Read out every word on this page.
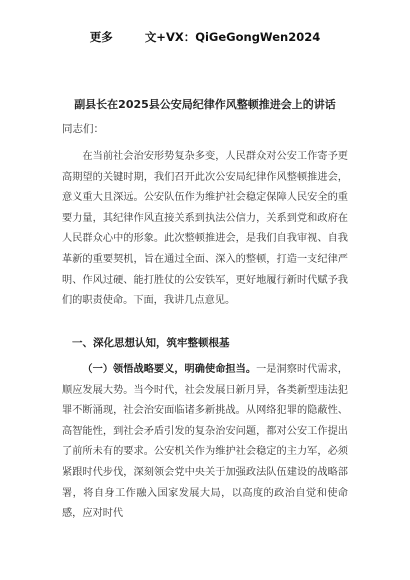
更多	文+VX：QiGeGongWen2024
副县长在2025县公安局纪律作风整顿推进会上的讲话
同志们：
在当前社会治安形势复杂多变，人民群众对公安工作寄予更高期望的关键时期，我们召开此次公安局纪律作风整顿推进会，意义重大且深远。公安队伍作为维护社会稳定保障人民安全的重要力量，其纪律作风直接关系到执法公信力，关系到党和政府在人民群众心中的形象。此次整顿推进会，是我们自我审视、自我革新的重要契机，旨在通过全面、深入的整顿，打造一支纪律严明、作风过硬、能打胜仗的公安铁军，更好地履行新时代赋予我们的职责使命。下面，我讲几点意见。
一、深化思想认知，筑牢整顿根基
（一）领悟战略要义，明确使命担当。一是洞察时代需求，顺应发展大势。当今时代，社会发展日新月异，各类新型违法犯罪不断涌现，社会治安面临诸多新挑战。从网络犯罪的隐蔽性、高智能性，到社会矛盾引发的复杂治安问题，都对公安工作提出了前所未有的要求。公安机关作为维护社会稳定的主力军，必须紧跟时代步伐，深刻领会党中央关于加强政法队伍建设的战略部署，将自身工作融入国家发展大局，以高度的政治自觉和使命感，应对时代
